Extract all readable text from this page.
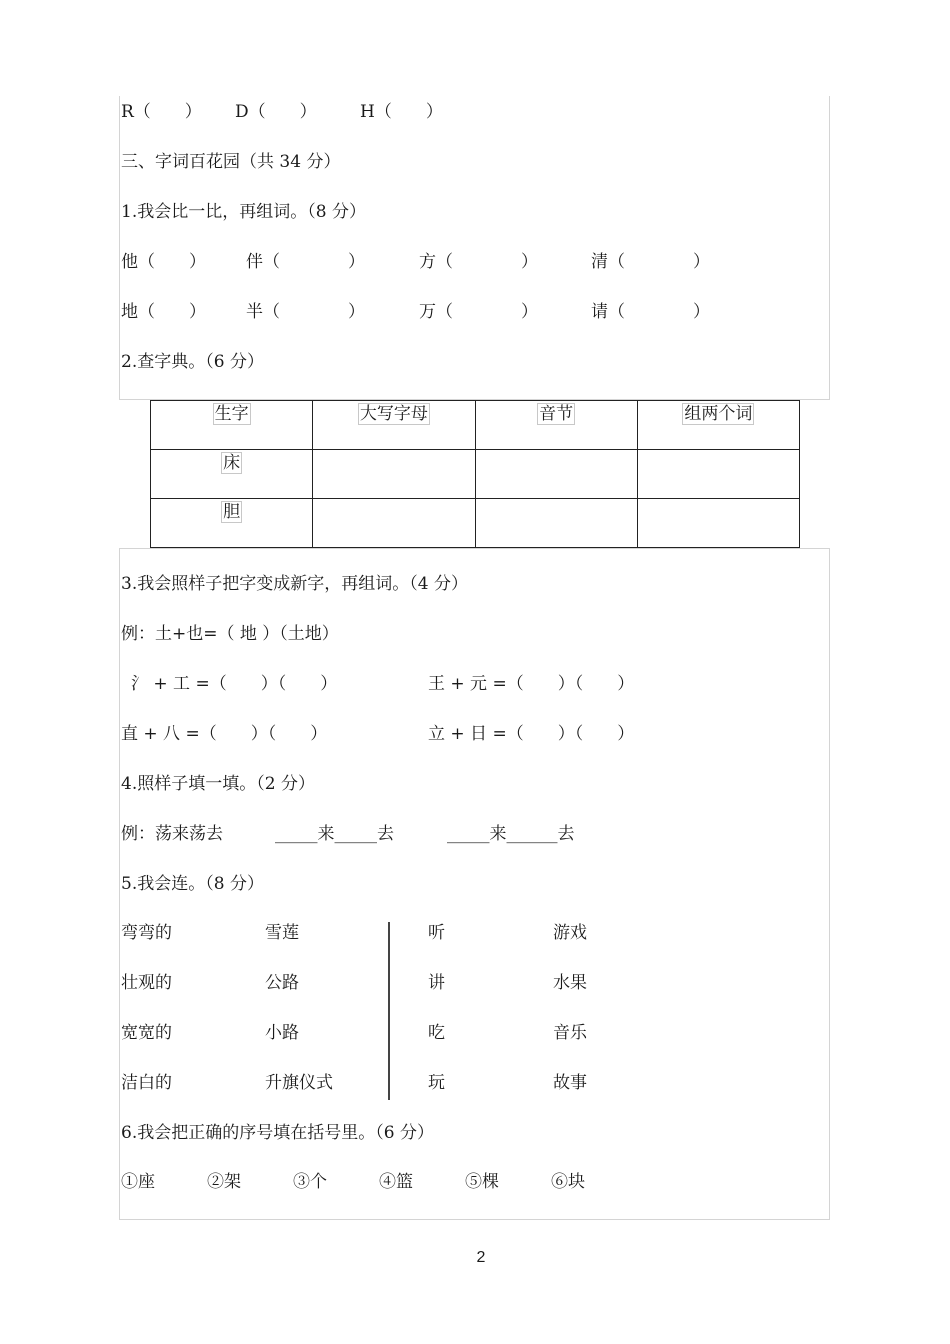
R（　　） D（　　）	H（　　）
三、字词百花园（共 34 分）
1.我会比一比，再组词。（8 分）
他（　　） 伴（　　　　）	方（　　　　）	清（　　　　）
地（　　） 半（　　　　）	万（　　　　）	请（　　　　）
2.查字典。（6 分）
生字	大写字母	音节	组两个词
床			
胆			
3.我会照样子把字变成新字，再组词。（4 分）
例：土+也=（ 地 ）（土地）
氵 + 工 =（　　）（　　）	王 + 元 =（　　）（　　）
直 + 八 =（　　）（　　）	立 + 日 =（　　）（　　）
4.照样子填一填。（2 分）
例：荡来荡去	_____来_____去	_____来______去
5.我会连。（8 分）
弯弯的	雪莲	听	游戏
壮观的	公路	讲	水果
宽宽的	小路	吃	音乐
洁白的	升旗仪式	玩	故事
6.我会把正确的序号填在括号里。（6 分）
①座	②架	③个	④篮	⑤棵	⑥块
2
